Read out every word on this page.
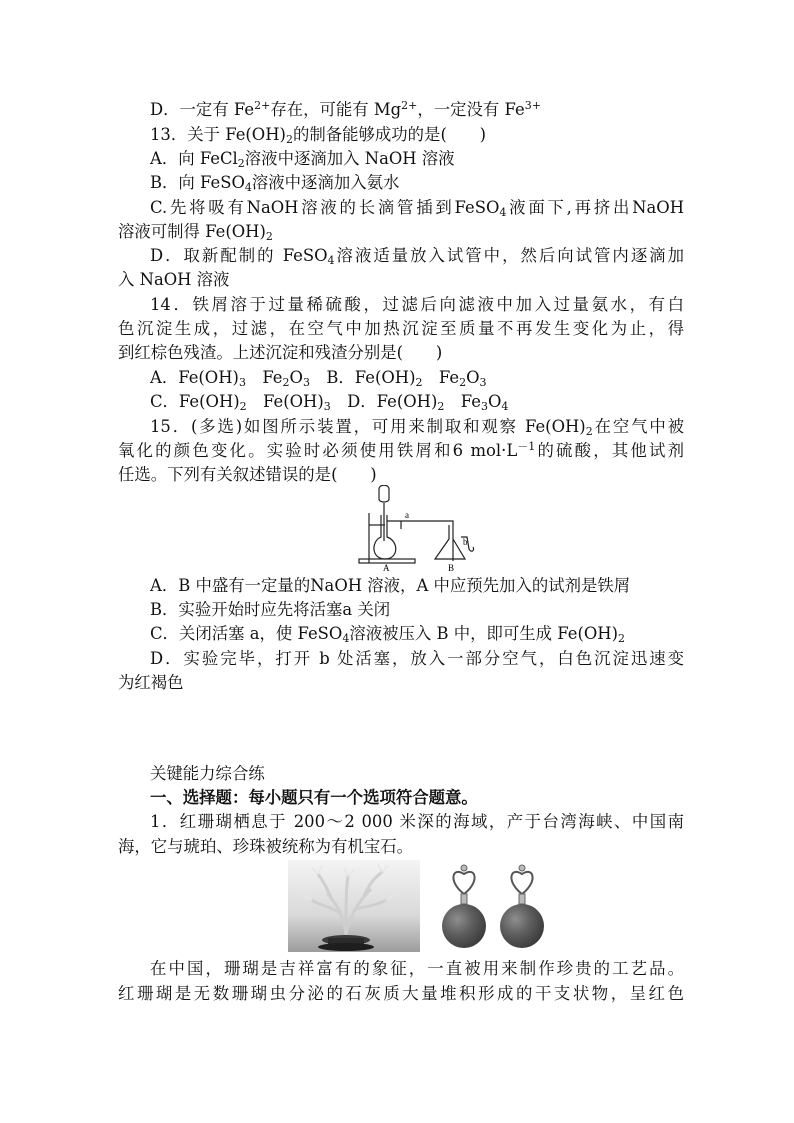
D．一定有 $Fe^{2+}$存在，可能有 $Mg^{2+}$，一定没有 $Fe^{3+}$
13．关于 $Fe(OH)_2$的制备能够成功的是(　　)
A．向 FeCl$_2$溶液中逐滴加入 NaOH 溶液
B．向 FeSO$_4$溶液中逐滴加入氨水
C.先将吸有NaOH溶液的长滴管插到FeSO$_4$液面下,再挤出NaOH
溶液可制得 $Fe(OH)_2$
D．取新配制的 FeSO$_4$溶液适量放入试管中，然后向试管内逐滴加
入 NaOH 溶液
14．铁屑溶于过量稀硫酸，过滤后向滤液中加入过量氨水，有白
色沉淀生成，过滤，在空气中加热沉淀至质量不再发生变化为止，得
到红棕色残渣。上述沉淀和残渣分别是(　　)
A．$Fe(OH)_3$　$Fe_2O_3$　B．$Fe(OH)_2$　$Fe_2O_3$
C．$Fe(OH)_2$　$Fe(OH)_3$　D．$Fe(OH)_2$　$Fe_3O_4$
15．(多选)如图所示装置，可用来制取和观察 $Fe(OH)_2$在空气中被
氧化的颜色变化。实验时必须使用铁屑和6 $mol\cdot L^{-1}$的硫酸，其他试剂
任选。下列有关叙述错误的是(　　)
a
b
A	B
A．B 中盛有一定量的NaOH 溶液，A 中应预先加入的试剂是铁屑
B．实验开始时应先将活塞a 关闭
C．关闭活塞 a，使 FeSO$_4$溶液被压入 B 中，即可生成 $Fe(OH)_2$
D．实验完毕，打开 b 处活塞，放入一部分空气，白色沉淀迅速变
为红褐色
关键能力综合练
一、选择题：每小题只有一个选项符合题意。
1．红珊瑚栖息于 200～2 000 米深的海域，产于台湾海峡、中国南
海，它与琥珀、珍珠被统称为有机宝石。
在中国，珊瑚是吉祥富有的象征，一直被用来制作珍贵的工艺品。
红珊瑚是无数珊瑚虫分泌的石灰质大量堆积形成的干支状物，呈红色
